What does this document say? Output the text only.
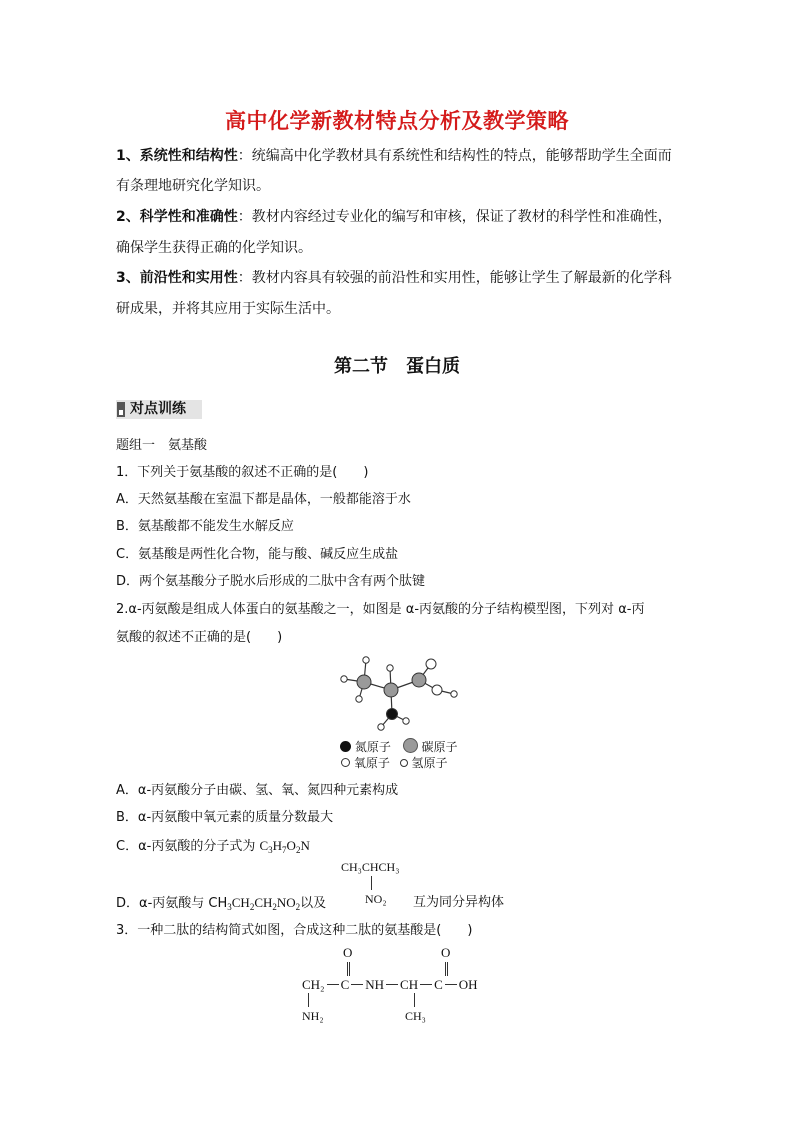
高中化学新教材特点分析及教学策略
1、系统性和结构性：统编高中化学教材具有系统性和结构性的特点，能够帮助学生全面而
有条理地研究化学知识。
2、科学性和准确性：教材内容经过专业化的编写和审核，保证了教材的科学性和准确性，
确保学生获得正确的化学知识。
3、前沿性和实用性：教材内容具有较强的前沿性和实用性，能够让学生了解最新的化学科
研成果，并将其应用于实际生活中。
第二节　蛋白质
对点训练
题组一　氨基酸
1．下列关于氨基酸的叙述不正确的是(　　)
A．天然氨基酸在室温下都是晶体，一般都能溶于水
B．氨基酸都不能发生水解反应
C．氨基酸是两性化合物，能与酸、碱反应生成盐
D．两个氨基酸分子脱水后形成的二肽中含有两个肽键
2.α-丙氨酸是组成人体蛋白的氨基酸之一，如图是 α-丙氨酸的分子结构模型图，下列对 α-丙
氨酸的叙述不正确的是(　　)
氮原子	碳原子
氧原子 氢原子
A．α-丙氨酸分子由碳、氢、氧、氮四种元素构成
B．α-丙氨酸中氧元素的质量分数最大
C．α-丙氨酸的分子式为 $C_3H_7O_2N$
CH₃CHCH₃
NO₂
D．α-丙氨酸与 $CH_3CH_2CH_2NO_2$以及	互为同分异构体
3．一种二肽的结构简式如图，合成这种二肽的氨基酸是(　　)
O	O
CH₂ C NH CH C OH
NH₂	CH₃
